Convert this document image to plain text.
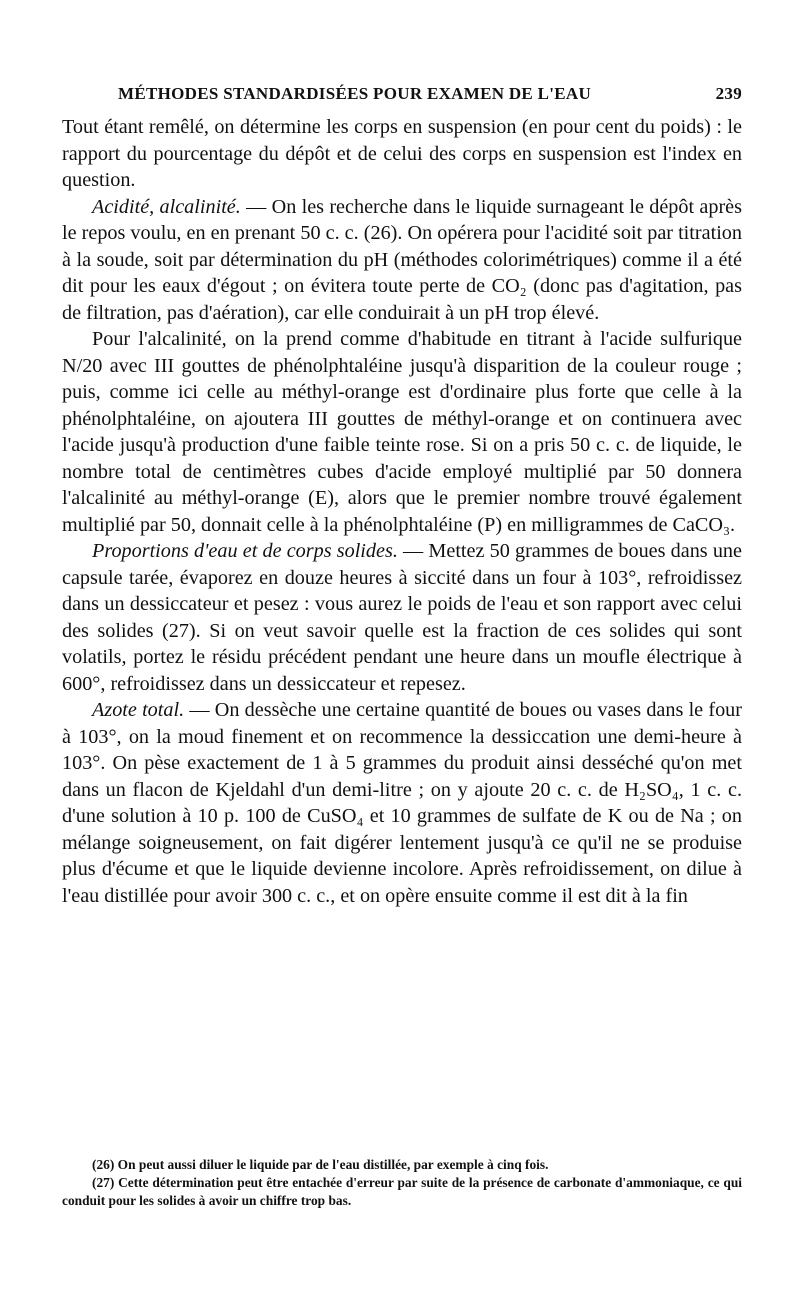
MÉTHODES STANDARDISÉES POUR EXAMEN DE L'EAU	239

Tout étant remêlé, on détermine les corps en suspension (en pour cent du poids) : le rapport du pourcentage du dépôt et de celui des corps en suspension est l'index en question.

Acidité, alcalinité. — On les recherche dans le liquide surnageant le dépôt après le repos voulu, en en prenant 50 c. c. (26). On opérera pour l'acidité soit par titration à la soude, soit par détermination du pH (méthodes colorimétriques) comme il a été dit pour les eaux d'égout ; on évitera toute perte de CO₂ (donc pas d'agitation, pas de filtration, pas d'aération), car elle conduirait à un pH trop élevé.

Pour l'alcalinité, on la prend comme d'habitude en titrant à l'acide sulfurique N/20 avec III gouttes de phénolphtaléine jusqu'à disparition de la couleur rouge ; puis, comme ici celle au méthyl-orange est d'ordinaire plus forte que celle à la phénolphtaléine, on ajoutera III gouttes de méthyl-orange et on continuera avec l'acide jusqu'à production d'une faible teinte rose. Si on a pris 50 c. c. de liquide, le nombre total de centimètres cubes d'acide employé multiplié par 50 donnera l'alcalinité au méthyl-orange (E), alors que le premier nombre trouvé également multiplié par 50, donnait celle à la phénolphtaléine (P) en milligrammes de CaCO₃.

Proportions d'eau et de corps solides. — Mettez 50 grammes de boues dans une capsule tarée, évaporez en douze heures à siccité dans un four à 103°, refroidissez dans un dessiccateur et pesez : vous aurez le poids de l'eau et son rapport avec celui des solides (27). Si on veut savoir quelle est la fraction de ces solides qui sont volatils, portez le résidu précédent pendant une heure dans un moufle électrique à 600°, refroidissez dans un dessiccateur et repesez.

Azote total. — On dessèche une certaine quantité de boues ou vases dans le four à 103°, on la moud finement et on recommence la dessiccation une demi-heure à 103°. On pèse exactement de 1 à 5 grammes du produit ainsi desséché qu'on met dans un flacon de Kjeldahl d'un demi-litre ; on y ajoute 20 c. c. de H₂SO₄, 1 c. c. d'une solution à 10 p. 100 de CuSO₄ et 10 grammes de sulfate de K ou de Na ; on mélange soigneusement, on fait digérer lentement jusqu'à ce qu'il ne se produise plus d'écume et que le liquide devienne incolore. Après refroidissement, on dilue à l'eau distillée pour avoir 300 c. c., et on opère ensuite comme il est dit à la fin

(26) On peut aussi diluer le liquide par de l'eau distillée, par exemple à cinq fois.

(27) Cette détermination peut être entachée d'erreur par suite de la présence de carbonate d'ammoniaque, ce qui conduit pour les solides à avoir un chiffre trop bas.
